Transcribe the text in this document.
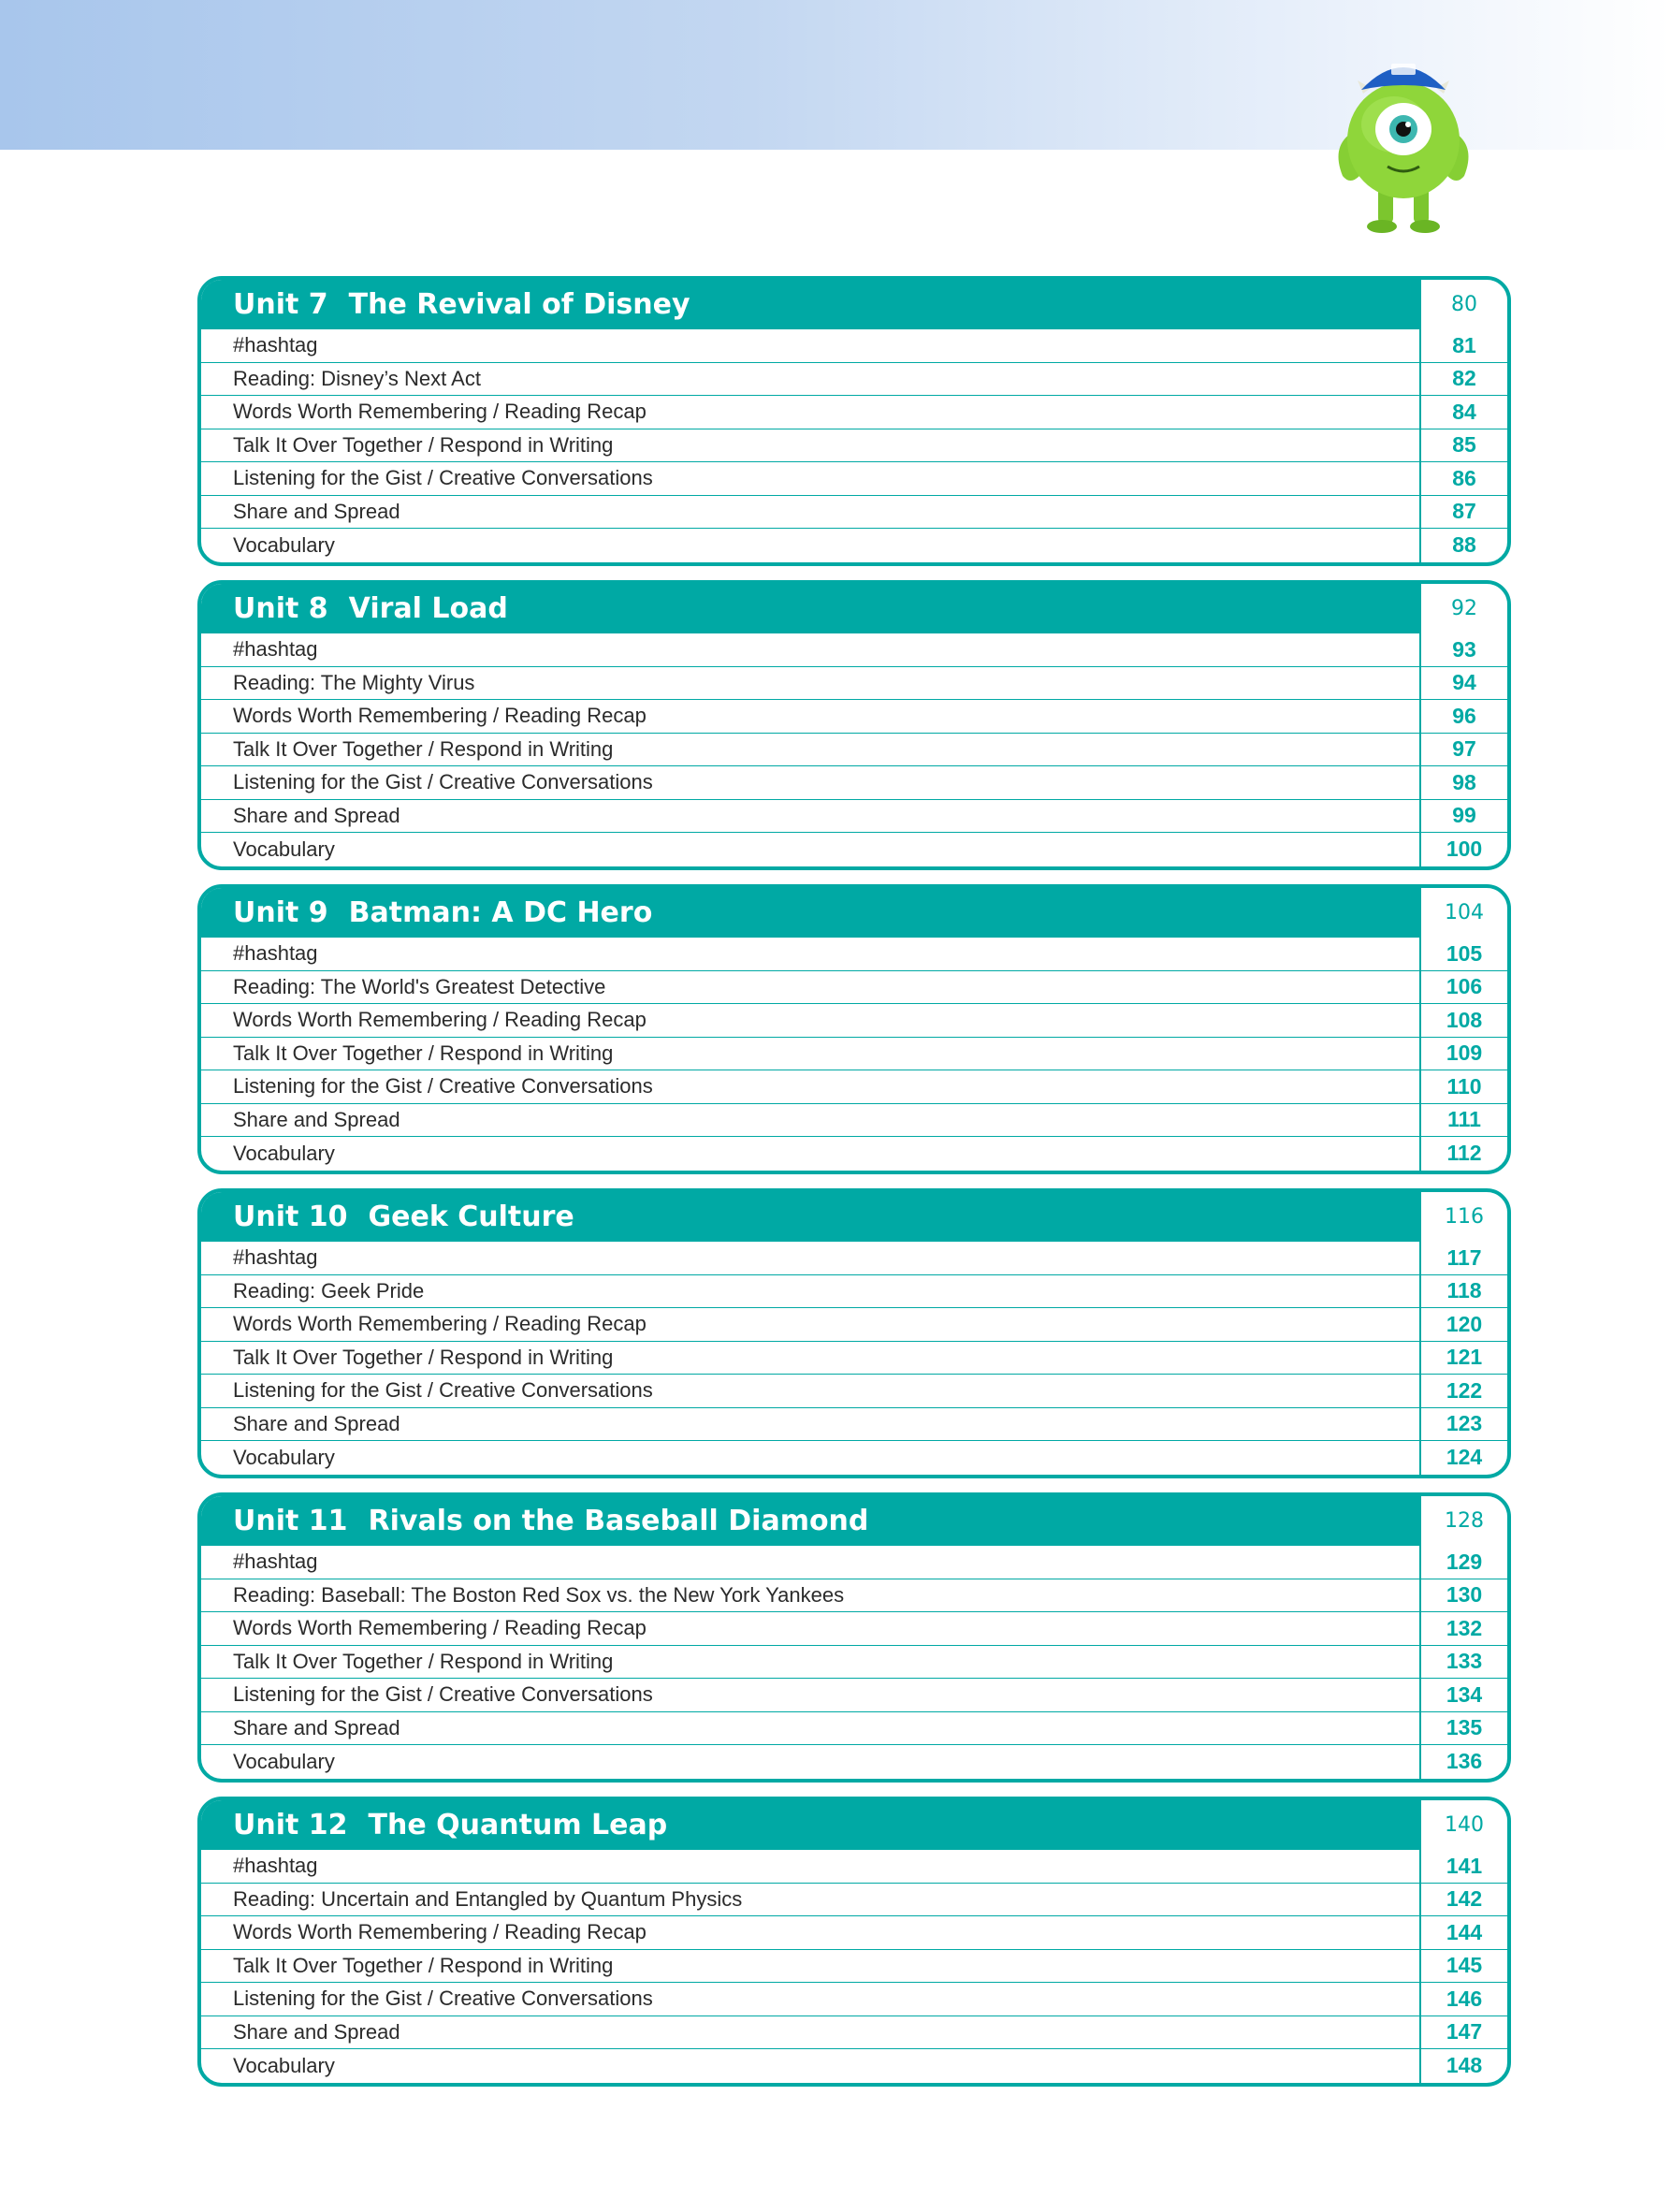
Unit 7 The Revival of Disney	80
#hashtag	81
Reading: Disney’s Next Act	82
Words Worth Remembering / Reading Recap	84
Talk It Over Together / Respond in Writing	85
Listening for the Gist / Creative Conversations	86
Share and Spread	87
Vocabulary	88
Unit 8 Viral Load	92
#hashtag	93
Reading: The Mighty Virus	94
Words Worth Remembering / Reading Recap	96
Talk It Over Together / Respond in Writing	97
Listening for the Gist / Creative Conversations	98
Share and Spread	99
Vocabulary	100
Unit 9 Batman: A DC Hero	104
#hashtag	105
Reading: The World's Greatest Detective	106
Words Worth Remembering / Reading Recap	108
Talk It Over Together / Respond in Writing	109
Listening for the Gist / Creative Conversations	110
Share and Spread	111
Vocabulary	112
Unit 10 Geek Culture	116
#hashtag	117
Reading: Geek Pride	118
Words Worth Remembering / Reading Recap	120
Talk It Over Together / Respond in Writing	121
Listening for the Gist / Creative Conversations	122
Share and Spread	123
Vocabulary	124
Unit 11 Rivals on the Baseball Diamond	128
#hashtag	129
Reading: Baseball: The Boston Red Sox vs. the New York Yankees	130
Words Worth Remembering / Reading Recap	132
Talk It Over Together / Respond in Writing	133
Listening for the Gist / Creative Conversations	134
Share and Spread	135
Vocabulary	136
Unit 12 The Quantum Leap	140
#hashtag	141
Reading: Uncertain and Entangled by Quantum Physics	142
Words Worth Remembering / Reading Recap	144
Talk It Over Together / Respond in Writing	145
Listening for the Gist / Creative Conversations	146
Share and Spread	147
Vocabulary	148
